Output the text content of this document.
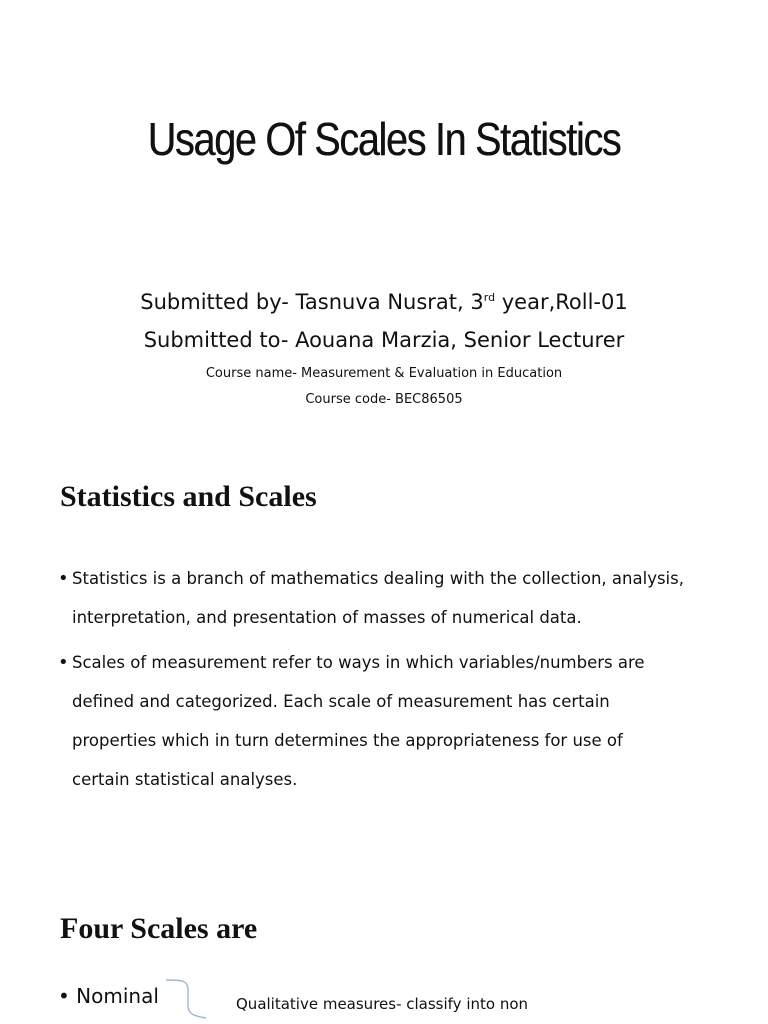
Usage Of Scales In Statistics
Submitted by- Tasnuva Nusrat, 3rd year,Roll-01
Submitted to- Aouana Marzia, Senior Lecturer
Course name- Measurement & Evaluation in Education
Course code- BEC86505
Statistics and Scales
• Statistics is a branch of mathematics dealing with the collection, analysis,
interpretation, and presentation of masses of numerical data.
• Scales of measurement refer to ways in which variables/numbers are
defined and categorized. Each scale of measurement has certain
properties which in turn determines the appropriateness for use of
certain statistical analyses.
Four Scales are
• Nominal	Qualitative measures- classify into non
